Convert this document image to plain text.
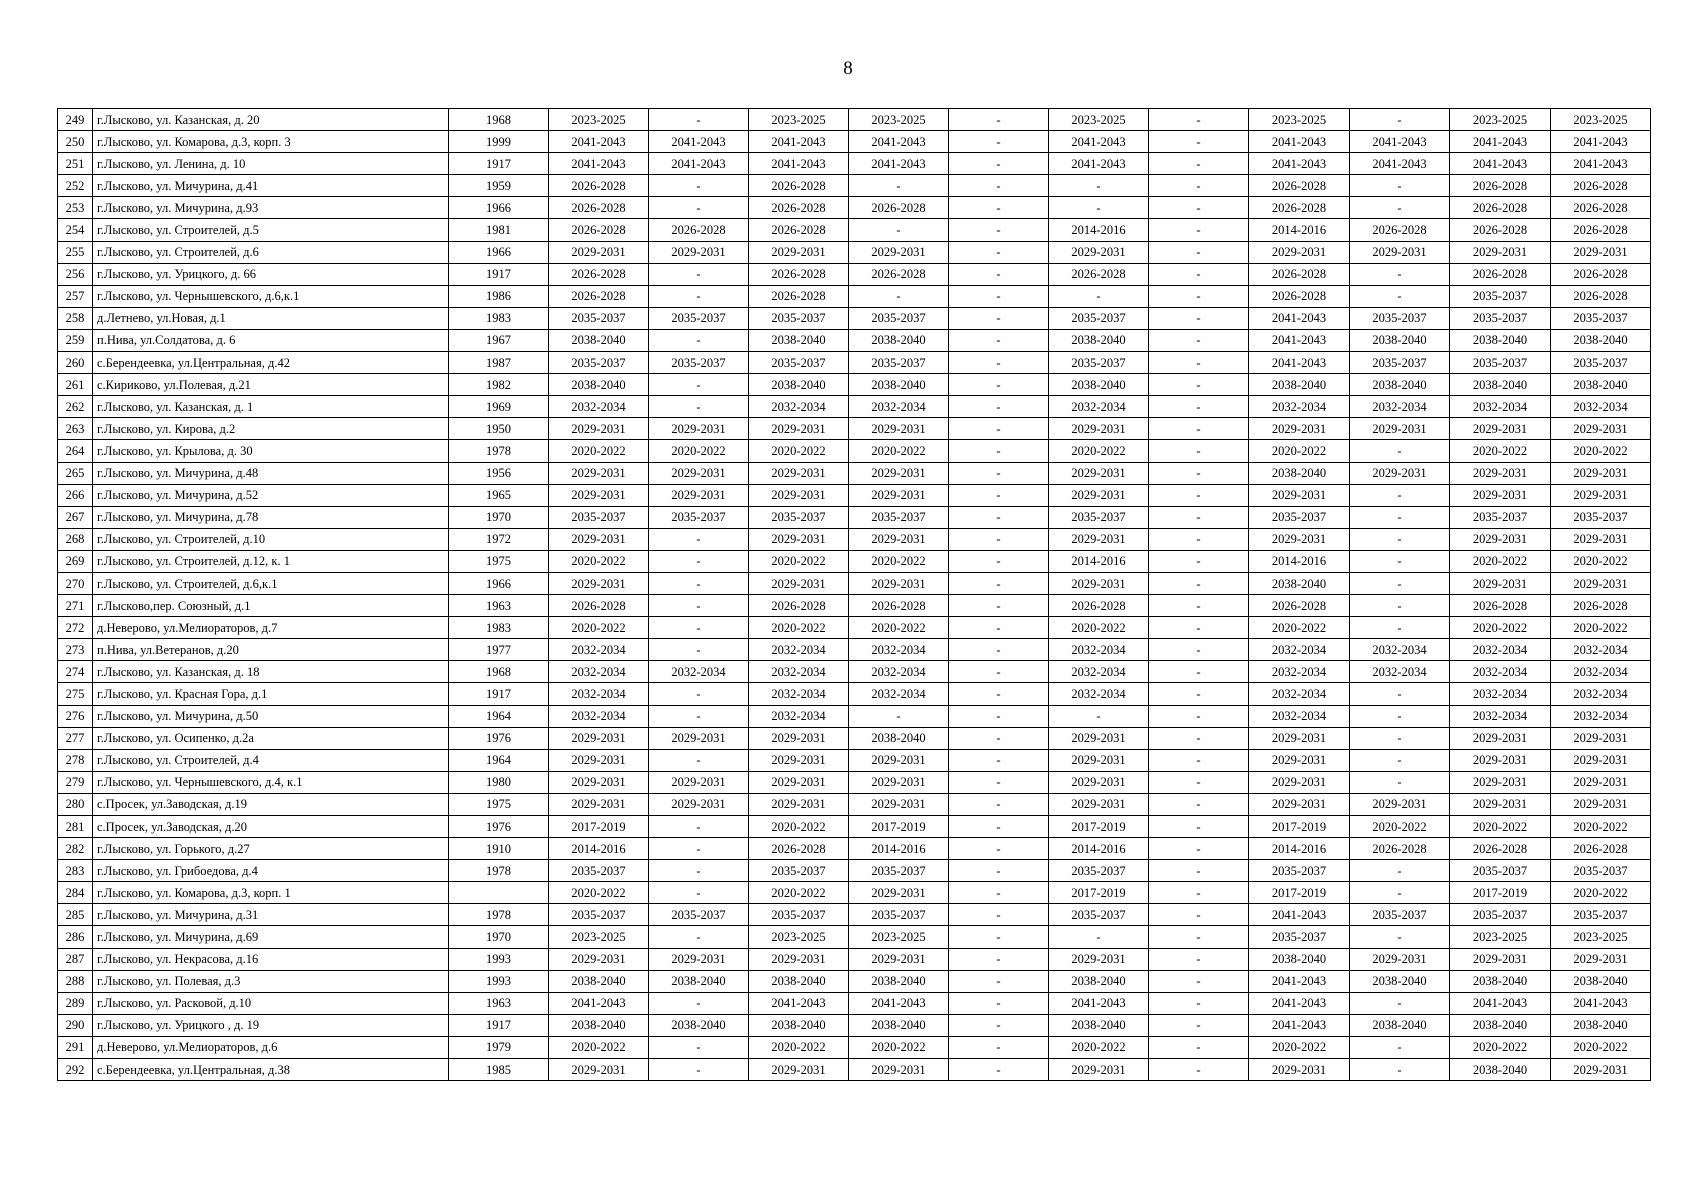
8
249	г.Лысково, ул. Казанская, д. 20	1968	2023-2025	-	2023-2025	2023-2025	-	2023-2025	-	2023-2025	-	2023-2025	2023-2025
250	г.Лысково, ул. Комарова, д.3, корп. 3	1999	2041-2043	2041-2043	2041-2043	2041-2043	-	2041-2043	-	2041-2043	2041-2043	2041-2043	2041-2043
251	г.Лысково, ул. Ленина, д. 10	1917	2041-2043	2041-2043	2041-2043	2041-2043	-	2041-2043	-	2041-2043	2041-2043	2041-2043	2041-2043
252	г.Лысково, ул. Мичурина, д.41	1959	2026-2028	-	2026-2028	-	-	-	-	2026-2028	-	2026-2028	2026-2028
253	г.Лысково, ул. Мичурина, д.93	1966	2026-2028	-	2026-2028	2026-2028	-	-	-	2026-2028	-	2026-2028	2026-2028
254	г.Лысково, ул. Строителей, д.5	1981	2026-2028	2026-2028	2026-2028	-	-	2014-2016	-	2014-2016	2026-2028	2026-2028	2026-2028
255	г.Лысково, ул. Строителей, д.6	1966	2029-2031	2029-2031	2029-2031	2029-2031	-	2029-2031	-	2029-2031	2029-2031	2029-2031	2029-2031
256	г.Лысково, ул. Урицкого, д. 66	1917	2026-2028	-	2026-2028	2026-2028	-	2026-2028	-	2026-2028	-	2026-2028	2026-2028
257	г.Лысково, ул. Чернышевского, д.6,к.1	1986	2026-2028	-	2026-2028	-	-	-	-	2026-2028	-	2035-2037	2026-2028
258	д.Летнево, ул.Новая, д.1	1983	2035-2037	2035-2037	2035-2037	2035-2037	-	2035-2037	-	2041-2043	2035-2037	2035-2037	2035-2037
259	п.Нива, ул.Солдатова, д. 6	1967	2038-2040	-	2038-2040	2038-2040	-	2038-2040	-	2041-2043	2038-2040	2038-2040	2038-2040
260	с.Берендеевка, ул.Центральная, д.42	1987	2035-2037	2035-2037	2035-2037	2035-2037	-	2035-2037	-	2041-2043	2035-2037	2035-2037	2035-2037
261	с.Кириково, ул.Полевая, д.21	1982	2038-2040	-	2038-2040	2038-2040	-	2038-2040	-	2038-2040	2038-2040	2038-2040	2038-2040
262	г.Лысково, ул. Казанская, д. 1	1969	2032-2034	-	2032-2034	2032-2034	-	2032-2034	-	2032-2034	2032-2034	2032-2034	2032-2034
263	г.Лысково, ул. Кирова, д.2	1950	2029-2031	2029-2031	2029-2031	2029-2031	-	2029-2031	-	2029-2031	2029-2031	2029-2031	2029-2031
264	г.Лысково, ул. Крылова, д. 30	1978	2020-2022	2020-2022	2020-2022	2020-2022	-	2020-2022	-	2020-2022	-	2020-2022	2020-2022
265	г.Лысково, ул. Мичурина, д.48	1956	2029-2031	2029-2031	2029-2031	2029-2031	-	2029-2031	-	2038-2040	2029-2031	2029-2031	2029-2031
266	г.Лысково, ул. Мичурина, д.52	1965	2029-2031	2029-2031	2029-2031	2029-2031	-	2029-2031	-	2029-2031	-	2029-2031	2029-2031
267	г.Лысково, ул. Мичурина, д.78	1970	2035-2037	2035-2037	2035-2037	2035-2037	-	2035-2037	-	2035-2037	-	2035-2037	2035-2037
268	г.Лысково, ул. Строителей, д.10	1972	2029-2031	-	2029-2031	2029-2031	-	2029-2031	-	2029-2031	-	2029-2031	2029-2031
269	г.Лысково, ул. Строителей, д.12, к. 1	1975	2020-2022	-	2020-2022	2020-2022	-	2014-2016	-	2014-2016	-	2020-2022	2020-2022
270	г.Лысково, ул. Строителей, д.6,к.1	1966	2029-2031	-	2029-2031	2029-2031	-	2029-2031	-	2038-2040	-	2029-2031	2029-2031
271	г.Лысково,пер. Союзный, д.1	1963	2026-2028	-	2026-2028	2026-2028	-	2026-2028	-	2026-2028	-	2026-2028	2026-2028
272	д.Неверово, ул.Мелиораторов, д.7	1983	2020-2022	-	2020-2022	2020-2022	-	2020-2022	-	2020-2022	-	2020-2022	2020-2022
273	п.Нива, ул.Ветеранов, д.20	1977	2032-2034	-	2032-2034	2032-2034	-	2032-2034	-	2032-2034	2032-2034	2032-2034	2032-2034
274	г.Лысково, ул. Казанская, д. 18	1968	2032-2034	2032-2034	2032-2034	2032-2034	-	2032-2034	-	2032-2034	2032-2034	2032-2034	2032-2034
275	г.Лысково, ул. Красная Гора, д.1	1917	2032-2034	-	2032-2034	2032-2034	-	2032-2034	-	2032-2034	-	2032-2034	2032-2034
276	г.Лысково, ул. Мичурина, д.50	1964	2032-2034	-	2032-2034	-	-	-	-	2032-2034	-	2032-2034	2032-2034
277	г.Лысково, ул. Осипенко, д.2а	1976	2029-2031	2029-2031	2029-2031	2038-2040	-	2029-2031	-	2029-2031	-	2029-2031	2029-2031
278	г.Лысково, ул. Строителей, д.4	1964	2029-2031	-	2029-2031	2029-2031	-	2029-2031	-	2029-2031	-	2029-2031	2029-2031
279	г.Лысково, ул. Чернышевского, д.4, к.1	1980	2029-2031	2029-2031	2029-2031	2029-2031	-	2029-2031	-	2029-2031	-	2029-2031	2029-2031
280	с.Просек, ул.Заводская, д.19	1975	2029-2031	2029-2031	2029-2031	2029-2031	-	2029-2031	-	2029-2031	2029-2031	2029-2031	2029-2031
281	с.Просек, ул.Заводская, д.20	1976	2017-2019	-	2020-2022	2017-2019	-	2017-2019	-	2017-2019	2020-2022	2020-2022	2020-2022
282	г.Лысково, ул. Горького, д.27	1910	2014-2016	-	2026-2028	2014-2016	-	2014-2016	-	2014-2016	2026-2028	2026-2028	2026-2028
283	г.Лысково, ул. Грибоедова, д.4	1978	2035-2037	-	2035-2037	2035-2037	-	2035-2037	-	2035-2037	-	2035-2037	2035-2037
284	г.Лысково, ул. Комарова, д.3, корп. 1		2020-2022	-	2020-2022	2029-2031	-	2017-2019	-	2017-2019	-	2017-2019	2020-2022
285	г.Лысково, ул. Мичурина, д.31	1978	2035-2037	2035-2037	2035-2037	2035-2037	-	2035-2037	-	2041-2043	2035-2037	2035-2037	2035-2037
286	г.Лысково, ул. Мичурина, д.69	1970	2023-2025	-	2023-2025	2023-2025	-	-	-	2035-2037	-	2023-2025	2023-2025
287	г.Лысково, ул. Некрасова, д.16	1993	2029-2031	2029-2031	2029-2031	2029-2031	-	2029-2031	-	2038-2040	2029-2031	2029-2031	2029-2031
288	г.Лысково, ул. Полевая, д.3	1993	2038-2040	2038-2040	2038-2040	2038-2040	-	2038-2040	-	2041-2043	2038-2040	2038-2040	2038-2040
289	г.Лысково, ул. Расковой, д.10	1963	2041-2043	-	2041-2043	2041-2043	-	2041-2043	-	2041-2043	-	2041-2043	2041-2043
290	г.Лысково, ул. Урицкого , д. 19	1917	2038-2040	2038-2040	2038-2040	2038-2040	-	2038-2040	-	2041-2043	2038-2040	2038-2040	2038-2040
291	д.Неверово, ул.Мелиораторов, д.6	1979	2020-2022	-	2020-2022	2020-2022	-	2020-2022	-	2020-2022	-	2020-2022	2020-2022
292	с.Берендеевка, ул.Центральная, д.38	1985	2029-2031	-	2029-2031	2029-2031	-	2029-2031	-	2029-2031	-	2038-2040	2029-2031
